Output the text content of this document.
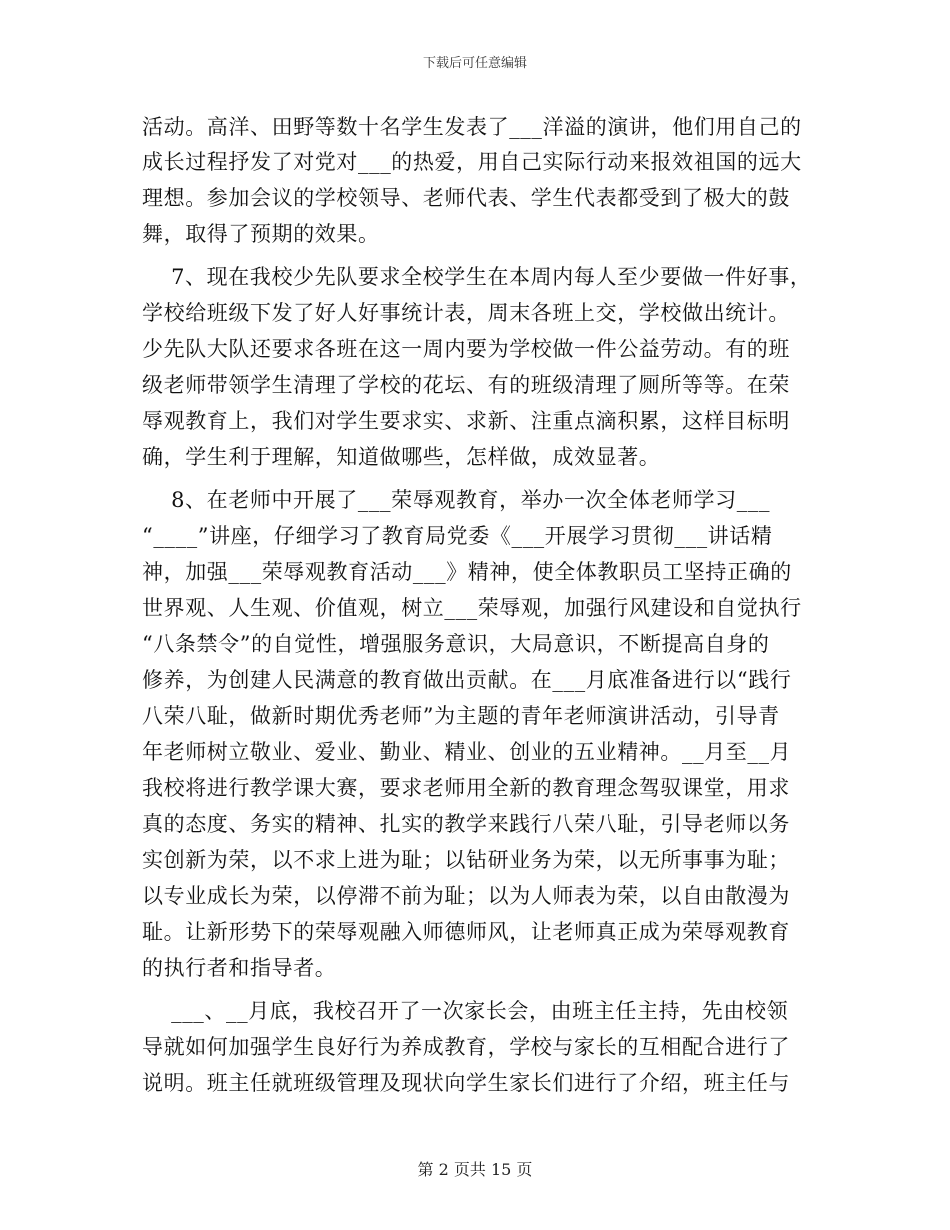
下载后可任意编辑
活动。高洋、田野等数十名学生发表了___洋溢的演讲，他们用自己的
成长过程抒发了对党对___的热爱，用自己实际行动来报效祖国的远大
理想。参加会议的学校领导、老师代表、学生代表都受到了极大的鼓
舞，取得了预期的效果。
7、现在我校少先队要求全校学生在本周内每人至少要做一件好事，
学校给班级下发了好人好事统计表，周末各班上交，学校做出统计。
少先队大队还要求各班在这一周内要为学校做一件公益劳动。有的班
级老师带领学生清理了学校的花坛、有的班级清理了厕所等等。在荣
辱观教育上，我们对学生要求实、求新、注重点滴积累，这样目标明
确，学生利于理解，知道做哪些，怎样做，成效显著。
8、在老师中开展了___荣辱观教育，举办一次全体老师学习___
“____”讲座，仔细学习了教育局党委《___开展学习贯彻___讲话精
神，加强___荣辱观教育活动___》精神，使全体教职员工坚持正确的
世界观、人生观、价值观，树立___荣辱观，加强行风建设和自觉执行
“八条禁令”的自觉性，增强服务意识，大局意识，不断提高自身的
修养，为创建人民满意的教育做出贡献。在___月底准备进行以“践行
八荣八耻，做新时期优秀老师”为主题的青年老师演讲活动，引导青
年老师树立敬业、爱业、勤业、精业、创业的五业精神。__月至__月
我校将进行教学课大赛，要求老师用全新的教育理念驾驭课堂，用求
真的态度、务实的精神、扎实的教学来践行八荣八耻，引导老师以务
实创新为荣，以不求上进为耻；以钻研业务为荣，以无所事事为耻；
以专业成长为荣，以停滞不前为耻；以为人师表为荣，以自由散漫为
耻。让新形势下的荣辱观融入师德师风，让老师真正成为荣辱观教育
的执行者和指导者。
___、__月底，我校召开了一次家长会，由班主任主持，先由校领
导就如何加强学生良好行为养成教育，学校与家长的互相配合进行了
说明。班主任就班级管理及现状向学生家长们进行了介绍，班主任与
第 2 页共 15 页
